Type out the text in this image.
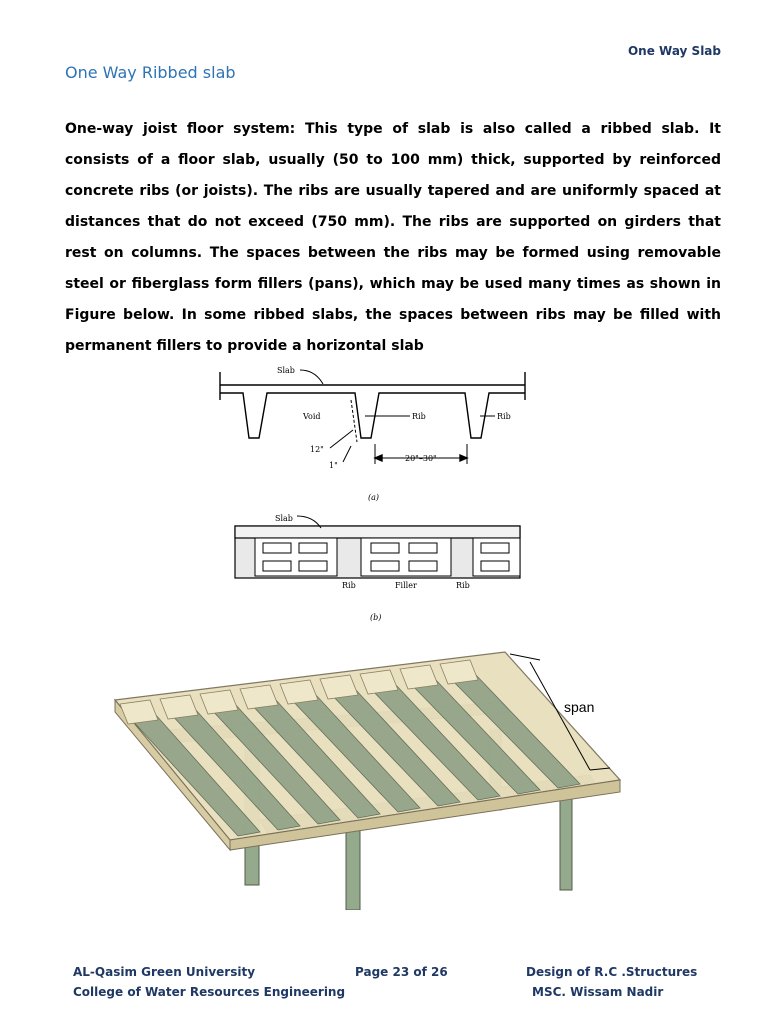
One Way Slab
One Way Ribbed slab

One-way joist floor system: This type of slab is also called a ribbed slab. It consists of a floor slab, usually (50 to 100 mm) thick, supported by reinforced concrete ribs (or joists). The ribs are usually tapered and are uniformly spaced at distances that do not exceed (750 mm). The ribs are supported on girders that rest on columns. The spaces between the ribs may be formed using removable steel or fiberglass form fillers (pans), which may be used many times as shown in Figure below. In some ribbed slabs, the spaces between ribs may be filled with permanent fillers to provide a horizontal slab

Slab
Void	Rib	Rib
12"
1"
20"–30"
(a)
Slab
Rib	Filler	Rib
(b)
span
AL-Qasim Green University
College of Water Resources Engineering
Page 23 of 26	Design of R.C .Structures
MSC. Wissam Nadir
